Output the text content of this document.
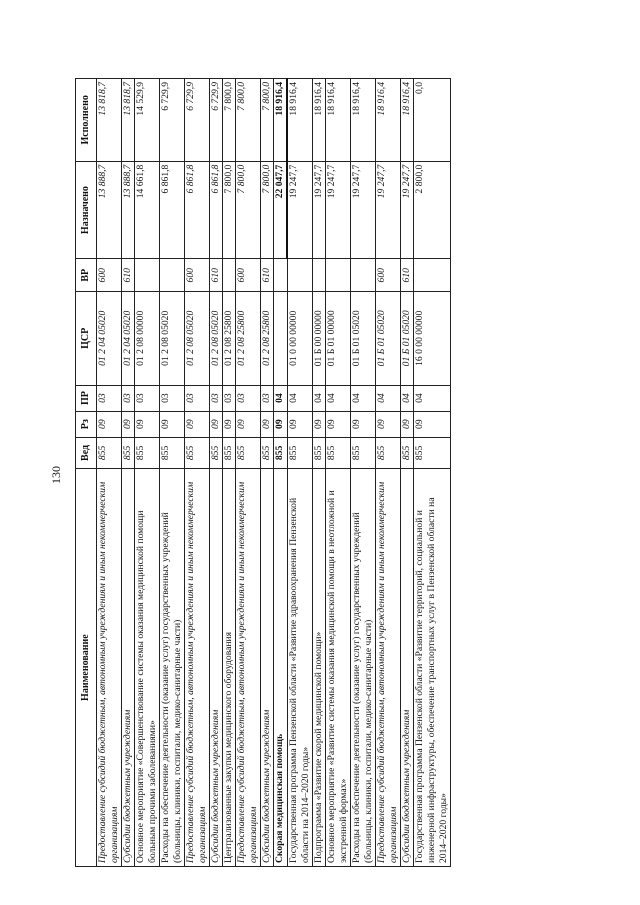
130
Наименование	Вед	Рз	ПР	ЦСР	ВР	Назначено	Исполнено
Предоставление субсидий бюджетным, автономным учреждениям и иным некоммерческим организациям	855	09	03	01 2 04 05020	600	13 888,7	13 818,7
Субсидии бюджетным учреждениям	855	09	03	01 2 04 05020	610	13 888,7	13 818,7
Основное мероприятие «Совершенствование системы оказания медицинской помощи больным прочими заболеваниями»	855	09	03	01 2 08 00000		14 661,8	14 529,9
Расходы на обеспечение деятельности (оказание услуг) государственных учреждений (больницы, клиники, госпитали, медико-санитарные части)	855	09	03	01 2 08 05020		6 861,8	6 729,9
Предоставление субсидий бюджетным, автономным учреждениям и иным некоммерческим организациям	855	09	03	01 2 08 05020	600	6 861,8	6 729,9
Субсидии бюджетным учреждениям	855	09	03	01 2 08 05020	610	6 861,8	6 729,9
Централизованные закупки медицинского оборудования	855	09	03	01 2 08 25800		7 800,0	7 800,0
Предоставление субсидий бюджетным, автономным учреждениям и иным некоммерческим организациям	855	09	03	01 2 08 25800	600	7 800,0	7 800,0
Субсидии бюджетным учреждениям	855	09	03	01 2 08 25800	610	7 800,0	7 800,0
Скорая медицинская помощь	855	09	04			22 047,7	18 916,4
Государственная программа Пензенской области «Развитие здравоохранения Пензенской области на 2014–2020 годы»	855	09	04	01 0 00 00000		19 247,7	18 916,4
Подпрограмма «Развитие скорой медицинской помощи»	855	09	04	01 Б 00 00000		19 247,7	18 916,4
Основное мероприятие «Развитие системы оказания медицинской помощи в неотложной и экстренной формах»	855	09	04	01 Б 01 00000		19 247,7	18 916,4
Расходы на обеспечение деятельности (оказание услуг) государственных учреждений (больницы, клиники, госпитали, медико-санитарные части)	855	09	04	01 Б 01 05020		19 247,7	18 916,4
Предоставление субсидий бюджетным, автономным учреждениям и иным некоммерческим организациям	855	09	04	01 Б 01 05020	600	19 247,7	18 916,4
Субсидии бюджетным учреждениям	855	09	04	01 Б 01 05020	610	19 247,7	18 916,4
Государственная программа Пензенской области «Развитие территорий, социальной и инженерной инфраструктуры, обеспечение транспортных услуг в Пензенской области на 2014–2020 годы»	855	09	04	16 0 00 00000		2 800,0	0,0
